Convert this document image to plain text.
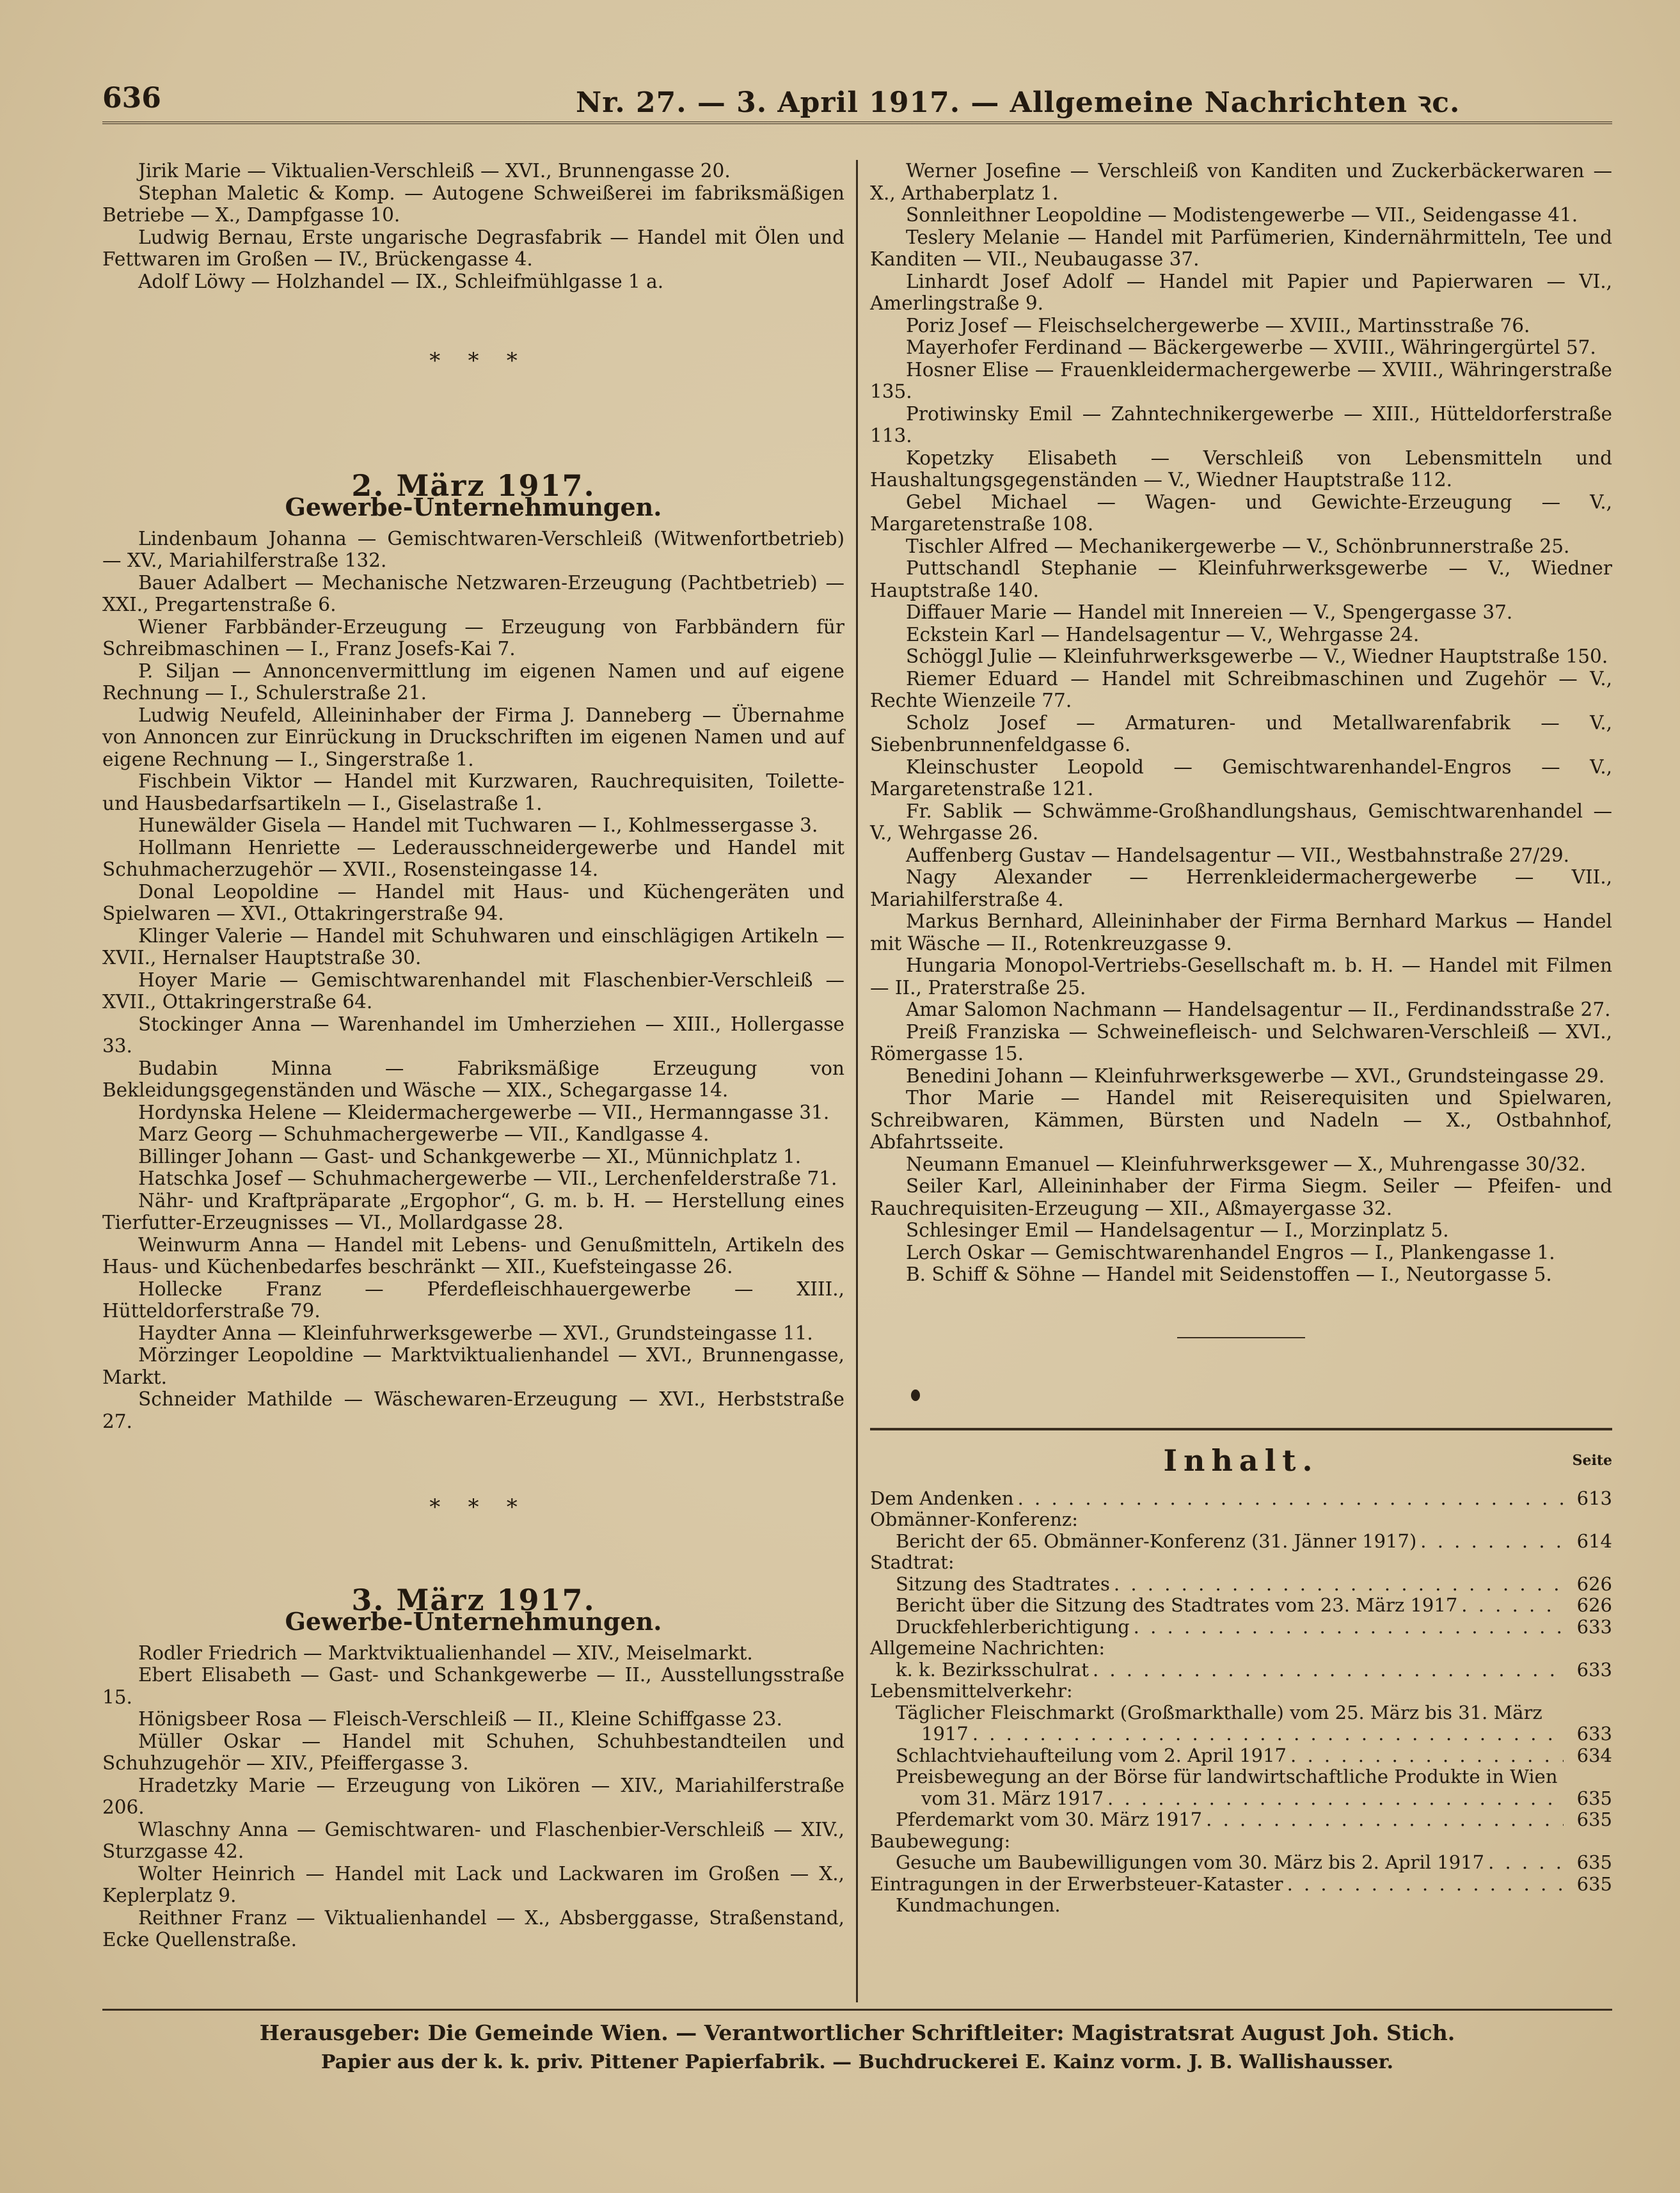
636	Nr. 27. — 3. April 1917. — Allgemeine Nachrichten ꝛc.

Jirik Marie — Viktualien-Verschleiß — XVI., Brunnengasse 20.

Stephan Maletic & Komp. — Autogene Schweißerei im fabriksmäßigen Betriebe — X., Dampfgasse 10.

Ludwig Bernau, Erste ungarische Degrasfabrik — Handel mit Ölen und Fettwaren im Großen — IV., Brückengasse 4.

Adolf Löwy — Holzhandel — IX., Schleifmühlgasse 1 a.

*    *    *

2. März 1917.

Gewerbe-Unternehmungen.

Lindenbaum Johanna — Gemischtwaren-Verschleiß (Witwenfortbetrieb) — XV., Mariahilferstraße 132.

Bauer Adalbert — Mechanische Netzwaren-Erzeugung (Pachtbetrieb) — XXI., Pregartenstraße 6.

Wiener Farbbänder-Erzeugung — Erzeugung von Farbbändern für Schreibmaschinen — I., Franz Josefs-Kai 7.

P. Siljan — Annoncenvermittlung im eigenen Namen und auf eigene Rechnung — I., Schulerstraße 21.

Ludwig Neufeld, Alleininhaber der Firma J. Danneberg — Übernahme von Annoncen zur Einrückung in Druckschriften im eigenen Namen und auf eigene Rechnung — I., Singerstraße 1.

Fischbein Viktor — Handel mit Kurzwaren, Rauchrequisiten, Toilette- und Hausbedarfsartikeln — I., Giselastraße 1.

Hunewälder Gisela — Handel mit Tuchwaren — I., Kohlmessergasse 3.

Hollmann Henriette — Lederausschneidergewerbe und Handel mit Schuhmacherzugehör — XVII., Rosensteingasse 14.

Donal Leopoldine — Handel mit Haus- und Küchengeräten und Spielwaren — XVI., Ottakringerstraße 94.

Klinger Valerie — Handel mit Schuhwaren und einschlägigen Artikeln — XVII., Hernalser Hauptstraße 30.

Hoyer Marie — Gemischtwarenhandel mit Flaschenbier-Verschleiß — XVII., Ottakringerstraße 64.

Stockinger Anna — Warenhandel im Umherziehen — XIII., Hollergasse 33.

Budabin Minna — Fabriksmäßige Erzeugung von Bekleidungsgegenständen und Wäsche — XIX., Schegargasse 14.

Hordynska Helene — Kleidermachergewerbe — VII., Hermanngasse 31.

Marz Georg — Schuhmachergewerbe — VII., Kandlgasse 4.

Billinger Johann — Gast- und Schankgewerbe — XI., Münnichplatz 1.

Hatschka Josef — Schuhmachergewerbe — VII., Lerchenfelderstraße 71.

Nähr- und Kraftpräparate „Ergophor“, G. m. b. H. — Herstellung eines Tierfutter-Erzeugnisses — VI., Mollardgasse 28.

Weinwurm Anna — Handel mit Lebens- und Genußmitteln, Artikeln des Haus- und Küchenbedarfes beschränkt — XII., Kuefsteingasse 26.

Hollecke Franz — Pferdefleischhauergewerbe — XIII., Hütteldorferstraße 79.

Haydter Anna — Kleinfuhrwerksgewerbe — XVI., Grundsteingasse 11.

Mörzinger Leopoldine — Marktviktualienhandel — XVI., Brunnengasse, Markt.

Schneider Mathilde — Wäschewaren-Erzeugung — XVI., Herbststraße 27.

*    *    *

3. März 1917.

Gewerbe-Unternehmungen.

Rodler Friedrich — Marktviktualienhandel — XIV., Meiselmarkt.

Ebert Elisabeth — Gast- und Schankgewerbe — II., Ausstellungsstraße 15.

Hönigsbeer Rosa — Fleisch-Verschleiß — II., Kleine Schiffgasse 23.

Müller Oskar — Handel mit Schuhen, Schuhbestandteilen und Schuhzugehör — XIV., Pfeiffergasse 3.

Hradetzky Marie — Erzeugung von Likören — XIV., Mariahilferstraße 206.

Wlaschny Anna — Gemischtwaren- und Flaschenbier-Verschleiß — XIV., Sturzgasse 42.

Wolter Heinrich — Handel mit Lack und Lackwaren im Großen — X., Keplerplatz 9.

Reithner Franz — Viktualienhandel — X., Absberggasse, Straßenstand, Ecke Quellenstraße.

Werner Josefine — Verschleiß von Kanditen und Zuckerbäckerwaren — X., Arthaberplatz 1.

Sonnleithner Leopoldine — Modistengewerbe — VII., Seidengasse 41.

Teslery Melanie — Handel mit Parfümerien, Kindernährmitteln, Tee und Kanditen — VII., Neubaugasse 37.

Linhardt Josef Adolf — Handel mit Papier und Papierwaren — VI., Amerlingstraße 9.

Poriz Josef — Fleischselchergewerbe — XVIII., Martinsstraße 76.

Mayerhofer Ferdinand — Bäckergewerbe — XVIII., Währingergürtel 57.

Hosner Elise — Frauenkleidermachergewerbe — XVIII., Währingerstraße 135.

Protiwinsky Emil — Zahntechnikergewerbe — XIII., Hütteldorferstraße 113.

Kopetzky Elisabeth — Verschleiß von Lebensmitteln und Haushaltungsgegenständen — V., Wiedner Hauptstraße 112.

Gebel Michael — Wagen- und Gewichte-Erzeugung — V., Margaretenstraße 108.

Tischler Alfred — Mechanikergewerbe — V., Schönbrunnerstraße 25.

Puttschandl Stephanie — Kleinfuhrwerksgewerbe — V., Wiedner Hauptstraße 140.

Diffauer Marie — Handel mit Innereien — V., Spengergasse 37.

Eckstein Karl — Handelsagentur — V., Wehrgasse 24.

Schöggl Julie — Kleinfuhrwerksgewerbe — V., Wiedner Hauptstraße 150.

Riemer Eduard — Handel mit Schreibmaschinen und Zugehör — V., Rechte Wienzeile 77.

Scholz Josef — Armaturen- und Metallwarenfabrik — V., Siebenbrunnenfeldgasse 6.

Kleinschuster Leopold — Gemischtwarenhandel-Engros — V., Margaretenstraße 121.

Fr. Sablik — Schwämme-Großhandlungshaus, Gemischtwarenhandel — V., Wehrgasse 26.

Auffenberg Gustav — Handelsagentur — VII., Westbahnstraße 27/29.

Nagy Alexander — Herrenkleidermachergewerbe — VII., Mariahilferstraße 4.

Markus Bernhard, Alleininhaber der Firma Bernhard Markus — Handel mit Wäsche — II., Rotenkreuzgasse 9.

Hungaria Monopol-Vertriebs-Gesellschaft m. b. H. — Handel mit Filmen — II., Praterstraße 25.

Amar Salomon Nachmann — Handelsagentur — II., Ferdinandsstraße 27.

Preiß Franziska — Schweinefleisch- und Selchwaren-Verschleiß — XVI., Römergasse 15.

Benedini Johann — Kleinfuhrwerksgewerbe — XVI., Grundsteingasse 29.

Thor Marie — Handel mit Reiserequisiten und Spielwaren, Schreibwaren, Kämmen, Bürsten und Nadeln — X., Ostbahnhof, Abfahrtsseite.

Neumann Emanuel — Kleinfuhrwerksgewer — X., Muhrengasse 30/32.

Seiler Karl, Alleininhaber der Firma Siegm. Seiler — Pfeifen- und Rauchrequisiten-Erzeugung — XII., Aßmayergasse 32.

Schlesinger Emil — Handelsagentur — I., Morzinplatz 5.

Lerch Oskar — Gemischtwarenhandel Engros — I., Plankengasse 1.

B. Schiff & Söhne — Handel mit Seidenstoffen — I., Neutorgasse 5.

Inhalt.	Seite
Dem Andenken . . .	613
Obmänner-Konferenz:
Bericht der 65. Obmänner-Konferenz (31. Jänner 1917) . . .	614
Stadtrat:
Sitzung des Stadtrates . . .	626
Bericht über die Sitzung des Stadtrates vom 23. März 1917 . . .	626
Druckfehlerberichtigung . . .	633
Allgemeine Nachrichten:
k. k. Bezirksschulrat . . .	633
Lebensmittelverkehr:
Täglicher Fleischmarkt (Großmarkthalle) vom 25. März bis 31. März
1917 . . .	633
Schlachtviehaufteilung vom 2. April 1917 . . .	634
Preisbewegung an der Börse für landwirtschaftliche Produkte in Wien
vom 31. März 1917 . . .	635
Pferdemarkt vom 30. März 1917 . . .	635
Baubewegung:
Gesuche um Baubewilligungen vom 30. März bis 2. April 1917 . . .	635
Eintragungen in der Erwerbsteuer-Kataster . . .	635
Kundmachungen.

Herausgeber: Die Gemeinde Wien. — Verantwortlicher Schriftleiter: Magistratsrat August Joh. Stich.

Papier aus der k. k. priv. Pittener Papierfabrik. — Buchdruckerei E. Kainz vorm. J. B. Wallishausser.
